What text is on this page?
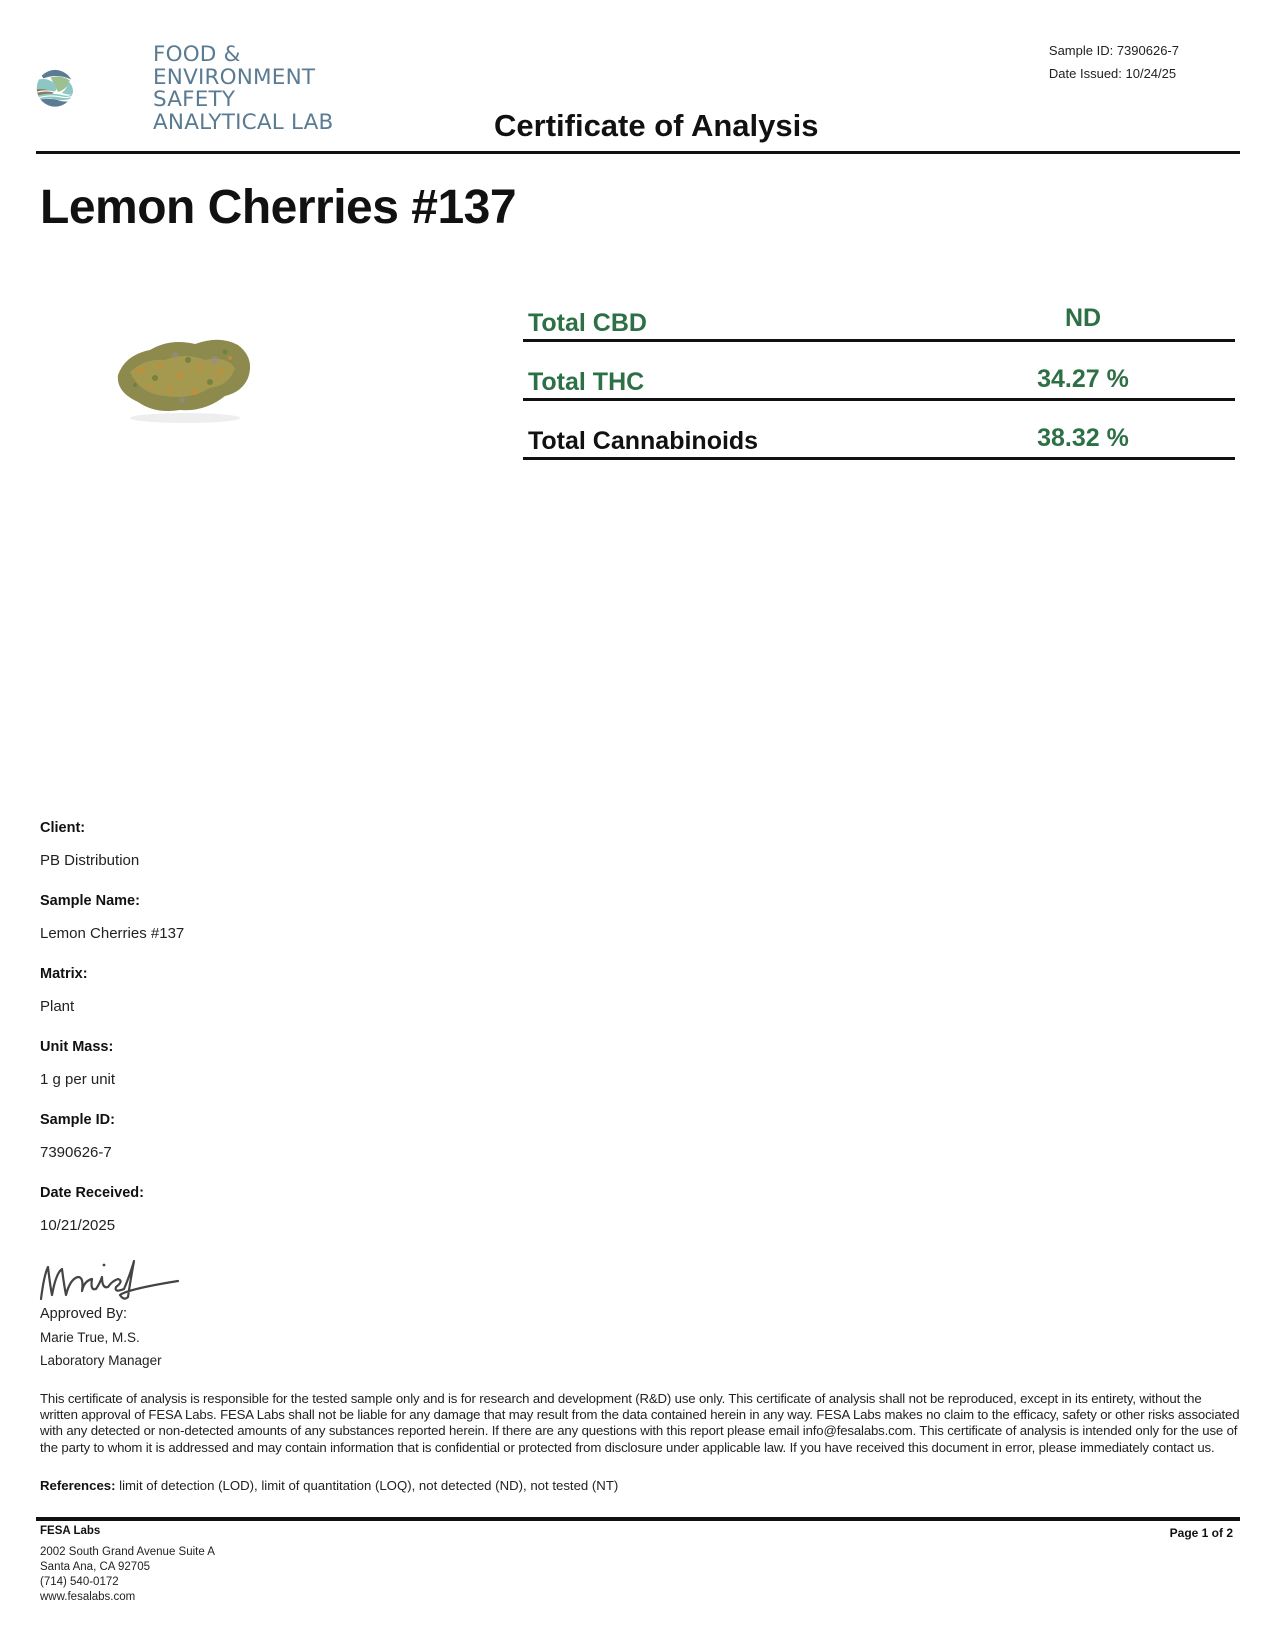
FOOD &
ENVIRONMENT
SAFETY
ANALYTICAL LAB
Sample ID: 7390626-7
Date Issued: 10/24/25
Certificate of Analysis
Lemon Cherries #137
Total CBD	ND
Total THC	34.27 %
Total Cannabinoids	38.32 %
Client:
PB Distribution
Sample Name:
Lemon Cherries #137
Matrix:
Plant
Unit Mass:
1 g per unit
Sample ID:
7390626-7
Date Received:
10/21/2025
Approved By:
Marie True, M.S.
Laboratory Manager
This certificate of analysis is responsible for the tested sample only and is for research and development (R&D) use only. This certificate of analysis shall not be reproduced, except in its entirety, without the written approval of FESA Labs. FESA Labs shall not be liable for any damage that may result from the data contained herein in any way. FESA Labs makes no claim to the efficacy, safety or other risks associated with any detected or non-detected amounts of any substances reported herein. If there are any questions with this report please email info@fesalabs.com. This certificate of analysis is intended only for the use of the party to whom it is addressed and may contain information that is confidential or protected from disclosure under applicable law. If you have received this document in error, please immediately contact us.
References: limit of detection (LOD), limit of quantitation (LOQ), not detected (ND), not tested (NT)
FESA Labs
2002 South Grand Avenue Suite A
Santa Ana, CA 92705
(714) 540-0172
www.fesalabs.com
Page 1 of 2
